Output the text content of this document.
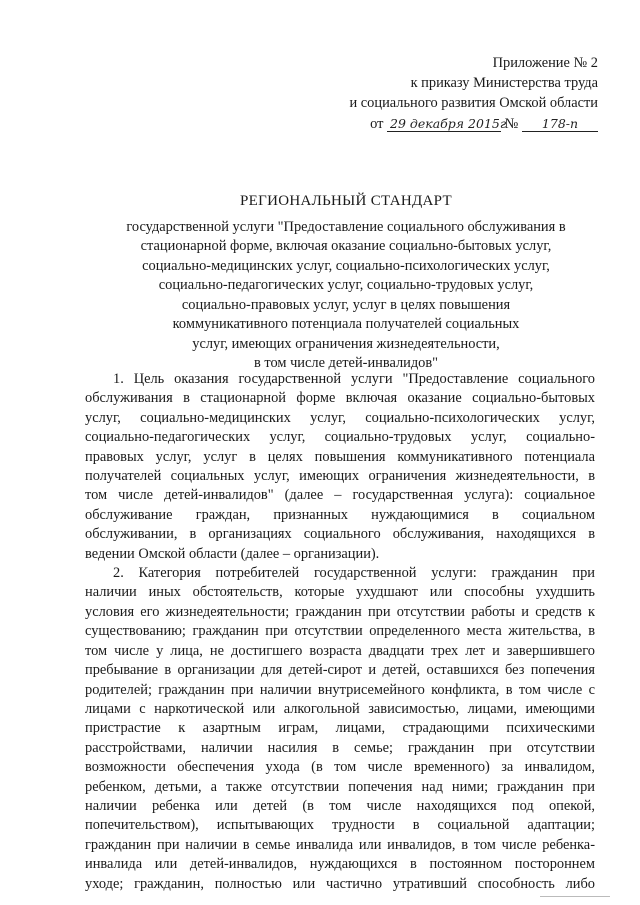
Приложение № 2
к приказу Министерства труда
и социального развития Омской области
от 29 декабря 2015г № 178-п
РЕГИОНАЛЬНЫЙ СТАНДАРТ
государственной услуги "Предоставление социального обслуживания в
стационарной форме, включая оказание социально-бытовых услуг,
социально-медицинских услуг, социально-психологических услуг,
социально-педагогических услуг, социально-трудовых услуг,
социально-правовых услуг, услуг в целях повышения
коммуникативного потенциала получателей социальных
услуг, имеющих ограничения жизнедеятельности,
в том числе детей-инвалидов"
1. Цель оказания государственной услуги "Предоставление социального
обслуживания в стационарной форме включая оказание социально-бытовых
услуг, социально-медицинских услуг, социально-психологических услуг,
социально-педагогических услуг, социально-трудовых услуг, социально-
правовых услуг, услуг в целях повышения коммуникативного потенциала
получателей социальных услуг, имеющих ограничения жизнедеятельности, в
том числе детей-инвалидов" (далее – государственная услуга): социальное
обслуживание граждан, признанных нуждающимися в социальном
обслуживании, в организациях социального обслуживания, находящихся в
ведении Омской области (далее – организации).
2. Категория потребителей государственной услуги: гражданин при
наличии иных обстоятельств, которые ухудшают или способны ухудшить
условия его жизнедеятельности; гражданин при отсутствии работы и средств к
существованию; гражданин при отсутствии определенного места жительства, в
том числе у лица, не достигшего возраста двадцати трех лет и завершившего
пребывание в организации для детей-сирот и детей, оставшихся без попечения
родителей; гражданин при наличии внутрисемейного конфликта, в том числе с
лицами с наркотической или алкогольной зависимостью, лицами, имеющими
пристрастие к азартным играм, лицами, страдающими психическими
расстройствами, наличии насилия в семье; гражданин при отсутствии
возможности обеспечения ухода (в том числе временного) за инвалидом,
ребенком, детьми, а также отсутствии попечения над ними; гражданин при
наличии ребенка или детей (в том числе находящихся под опекой,
попечительством), испытывающих трудности в социальной адаптации;
гражданин при наличии в семье инвалида или инвалидов, в том числе ребенка-
инвалида или детей-инвалидов, нуждающихся в постоянном постороннем
уходе; гражданин, полностью или частично утративший способность либо
